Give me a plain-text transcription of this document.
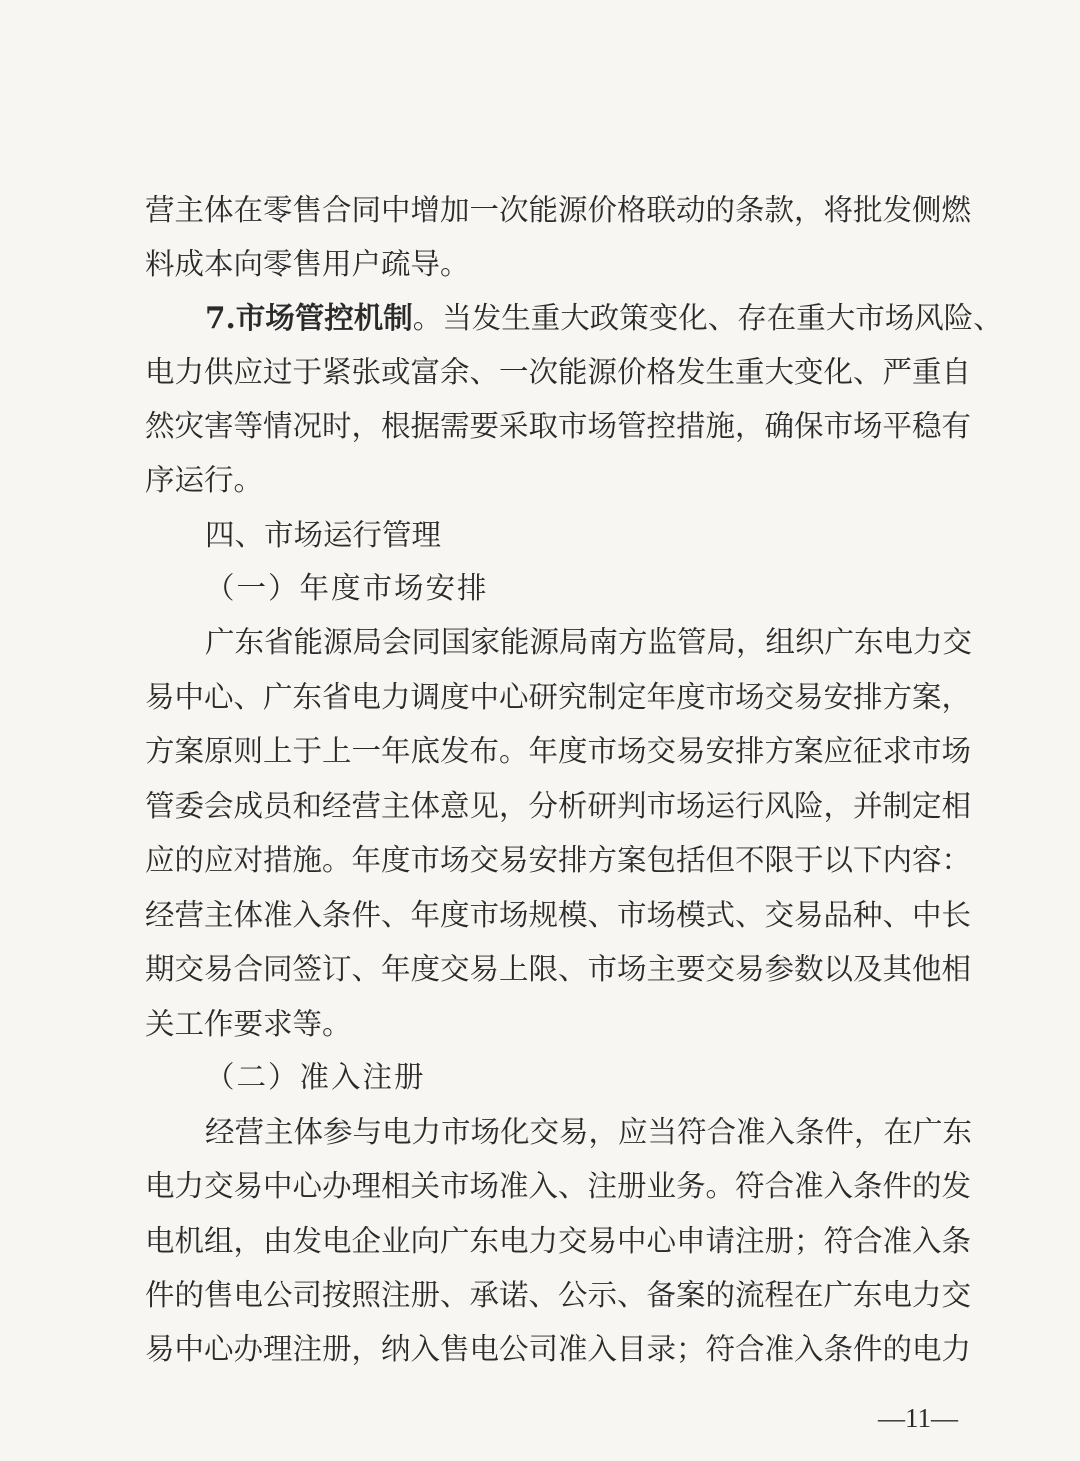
营主体在零售合同中增加一次能源价格联动的条款，将批发侧燃
料成本向零售用户疏导。
7.市场管控机制。当发生重大政策变化、存在重大市场风险、
电力供应过于紧张或富余、一次能源价格发生重大变化、严重自
然灾害等情况时，根据需要采取市场管控措施，确保市场平稳有
序运行。
四、市场运行管理
（一）年度市场安排
广东省能源局会同国家能源局南方监管局，组织广东电力交
易中心、广东省电力调度中心研究制定年度市场交易安排方案，
方案原则上于上一年底发布。年度市场交易安排方案应征求市场
管委会成员和经营主体意见，分析研判市场运行风险，并制定相
应的应对措施。年度市场交易安排方案包括但不限于以下内容：
经营主体准入条件、年度市场规模、市场模式、交易品种、中长
期交易合同签订、年度交易上限、市场主要交易参数以及其他相
关工作要求等。
（二）准入注册
经营主体参与电力市场化交易，应当符合准入条件，在广东
电力交易中心办理相关市场准入、注册业务。符合准入条件的发
电机组，由发电企业向广东电力交易中心申请注册；符合准入条
件的售电公司按照注册、承诺、公示、备案的流程在广东电力交
易中心办理注册，纳入售电公司准入目录；符合准入条件的电力
—11—
